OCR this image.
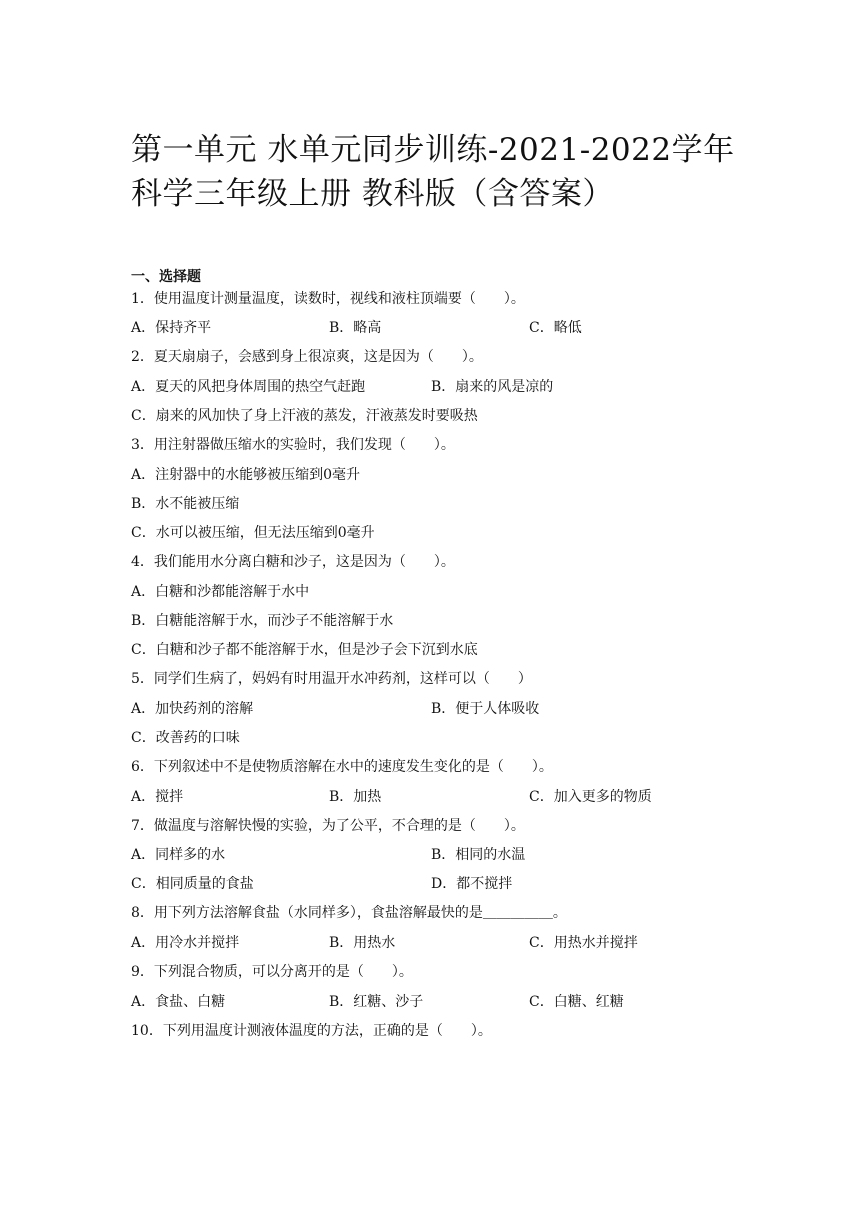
第一单元 水单元同步训练-2021-2022学年科学三年级上册 教科版（含答案）
一、选择题
1．使用温度计测量温度，读数时，视线和液柱顶端要（　　）。
A．保持齐平	B．略高	C．略低
2．夏天扇扇子，会感到身上很凉爽，这是因为（　　）。
A．夏天的风把身体周围的热空气赶跑	B．扇来的风是凉的
C．扇来的风加快了身上汗液的蒸发，汗液蒸发时要吸热
3．用注射器做压缩水的实验时，我们发现（　　）。
A．注射器中的水能够被压缩到0毫升
B．水不能被压缩
C．水可以被压缩，但无法压缩到0毫升
4．我们能用水分离白糖和沙子，这是因为（　　）。
A．白糖和沙都能溶解于水中
B．白糖能溶解于水，而沙子不能溶解于水
C．白糖和沙子都不能溶解于水，但是沙子会下沉到水底
5．同学们生病了，妈妈有时用温开水冲药剂，这样可以（　　）
A．加快药剂的溶解	B．便于人体吸收
C．改善药的口味
6．下列叙述中不是使物质溶解在水中的速度发生变化的是（　　）。
A．搅拌	B．加热	C．加入更多的物质
7．做温度与溶解快慢的实验，为了公平，不合理的是（　　）。
A．同样多的水	B．相同的水温
C．相同质量的食盐	D．都不搅拌
8．用下列方法溶解食盐（水同样多），食盐溶解最快的是＿＿＿＿＿。
A．用冷水并搅拌	B．用热水	C．用热水并搅拌
9．下列混合物质，可以分离开的是（　　）。
A．食盐、白糖	B．红糖、沙子	C．白糖、红糖
10．下列用温度计测液体温度的方法，正确的是（　　）。
